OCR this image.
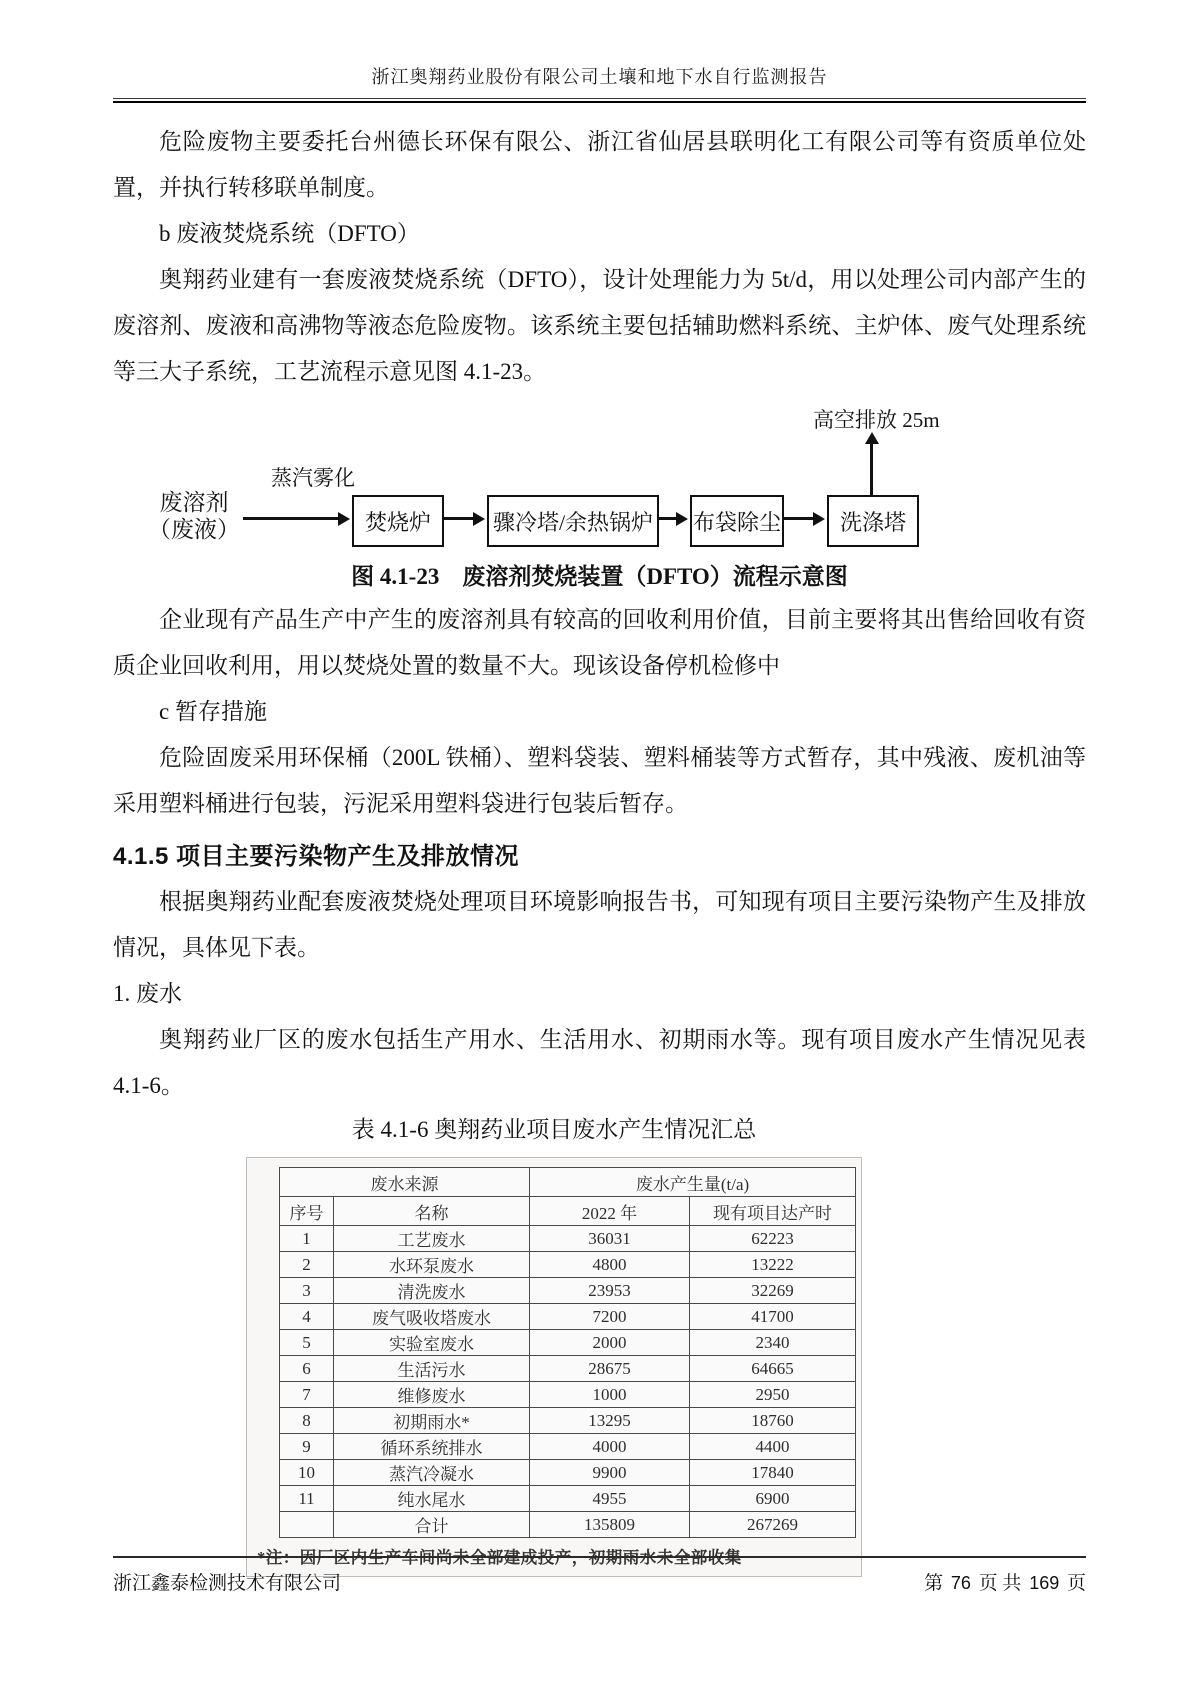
浙江奥翔药业股份有限公司土壤和地下水自行监测报告

危险废物主要委托台州德长环保有限公、浙江省仙居县联明化工有限公司等有资质单位处置，并执行转移联单制度。

b 废液焚烧系统（DFTO）

奥翔药业建有一套废液焚烧系统（DFTO），设计处理能力为 5t/d，用以处理公司内部产生的废溶剂、废液和高沸物等液态危险废物。该系统主要包括辅助燃料系统、主炉体、废气处理系统等三大子系统，工艺流程示意见图 4.1-23。

高空排放 25m
废溶剂
（废液）
蒸汽雾化
焚烧炉	骤冷塔/余热锅炉 布袋除尘	洗涤塔

图 4.1-23　废溶剂焚烧装置（DFTO）流程示意图

企业现有产品生产中产生的废溶剂具有较高的回收利用价值，目前主要将其出售给回收有资质企业回收利用，用以焚烧处置的数量不大。现该设备停机检修中

c 暂存措施

危险固废采用环保桶（200L 铁桶）、塑料袋装、塑料桶装等方式暂存，其中残液、废机油等采用塑料桶进行包装，污泥采用塑料袋进行包装后暂存。

4.1.5 项目主要污染物产生及排放情况

根据奥翔药业配套废液焚烧处理项目环境影响报告书，可知现有项目主要污染物产生及排放情况，具体见下表。

1. 废水

奥翔药业厂区的废水包括生产用水、生活用水、初期雨水等。现有项目废水产生情况见表 4.1-6。

表 4.1-6 奥翔药业项目废水产生情况汇总

废水来源		废水产生量(t/a)	
序号	名称	2022 年	现有项目达产时
1	工艺废水	36031	62223
2	水环泵废水	4800	13222
3	清洗废水	23953	32269
4	废气吸收塔废水	7200	41700
5	实验室废水	2000	2340
6	生活污水	28675	64665
7	维修废水	1000	2950
8	初期雨水*	13295	18760
9	循环系统排水	4000	4400
10	蒸汽冷凝水	9900	17840
11	纯水尾水	4955	6900
	合计	135809	267269
*注：因厂区内生产车间尚未全部建成投产，初期雨水未全部收集
浙江鑫泰检测技术有限公司	第 76 页 共 169 页
